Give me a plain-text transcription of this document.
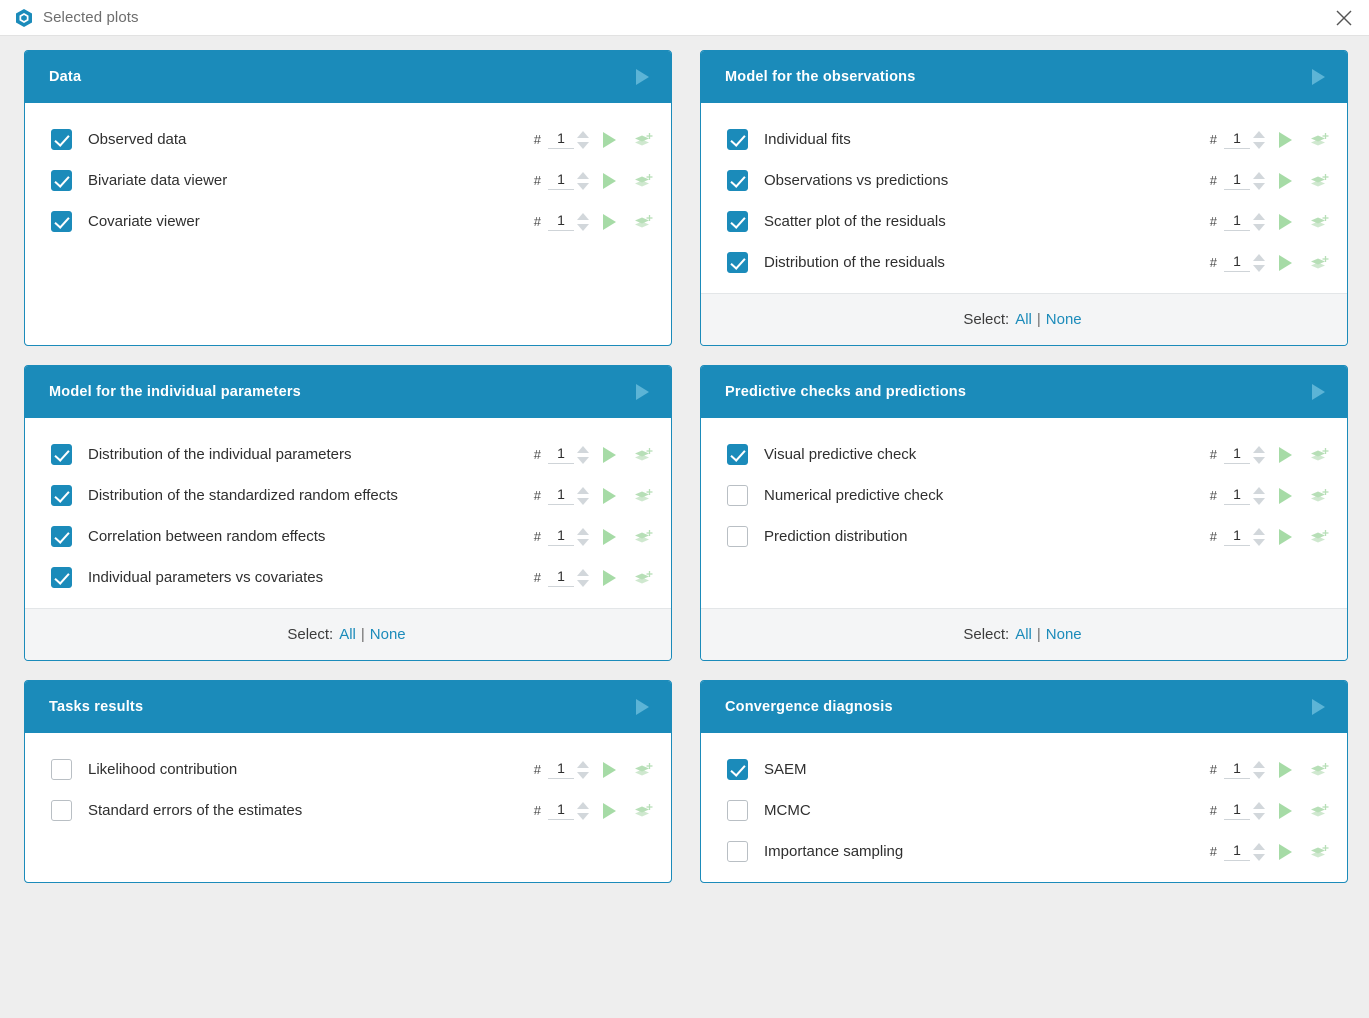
Selected plots
Data
Observed data	#	1
Bivariate data viewer	#	1
Covariate viewer	#	1
Model for the observations
Individual fits	#	1
Observations vs predictions	#	1
Scatter plot of the residuals	#	1
Distribution of the residuals	#	1
Select: All | None
Model for the individual parameters
Distribution of the individual parameters	#	1
Distribution of the standardized random effects	#	1
Correlation between random effects	#	1
Individual parameters vs covariates	#	1
Select: All | None
Predictive checks and predictions
Visual predictive check	#	1
Numerical predictive check	#	1
Prediction distribution	#	1
Select: All | None
Tasks results
Likelihood contribution	#	1
Standard errors of the estimates	#	1
Convergence diagnosis
SAEM	#	1
MCMC	#	1
Importance sampling	#	1
